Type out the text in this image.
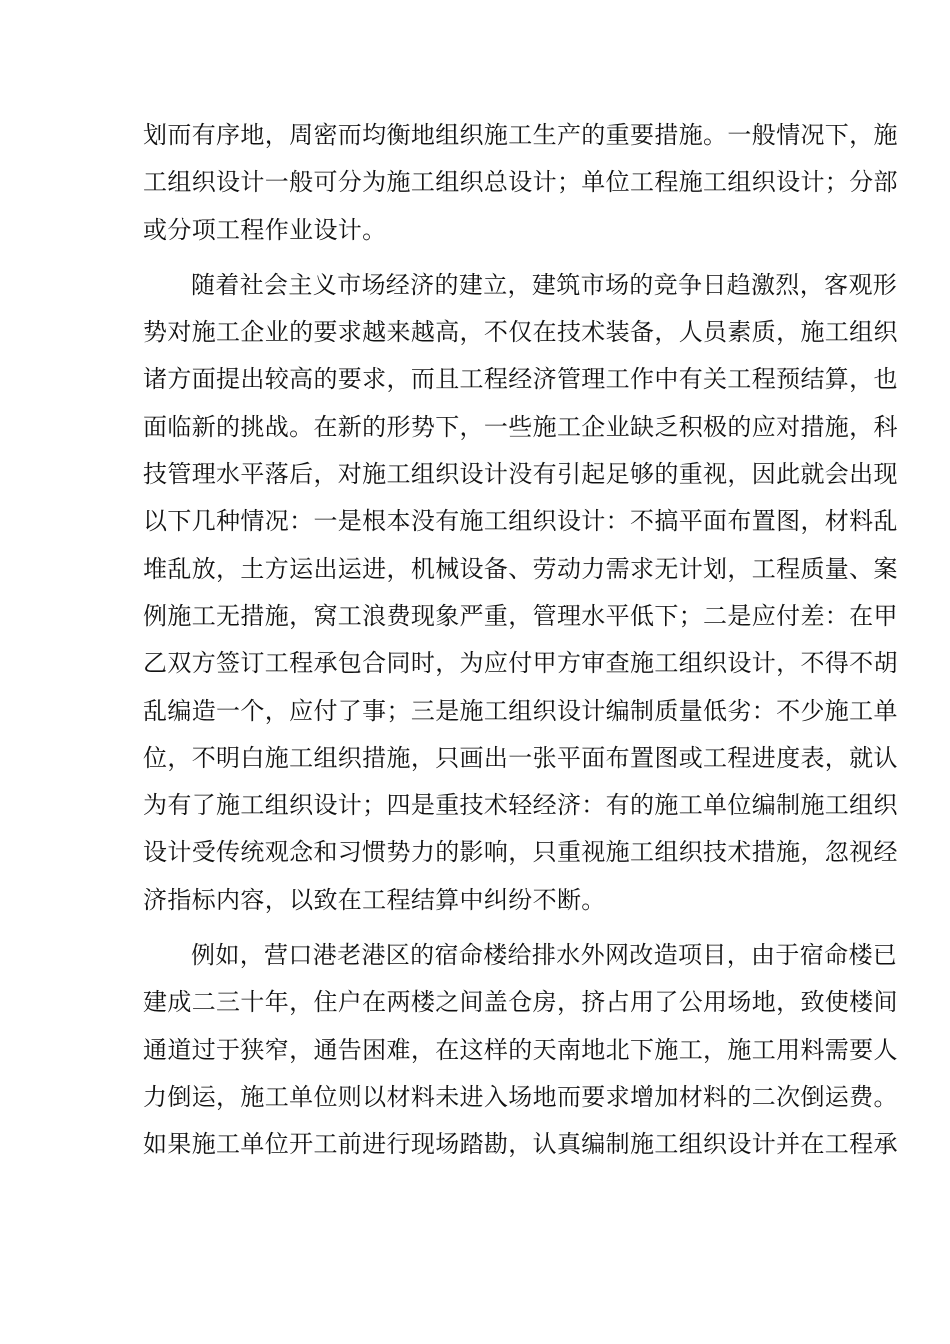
划而有序地，周密而均衡地组织施工生产的重要措施。一般情况下，施
工组织设计一般可分为施工组织总设计；单位工程施工组织设计；分部
或分项工程作业设计。
随着社会主义市场经济的建立，建筑市场的竞争日趋激烈，客观形
势对施工企业的要求越来越高，不仅在技术装备，人员素质，施工组织
诸方面提出较高的要求，而且工程经济管理工作中有关工程预结算，也
面临新的挑战。在新的形势下，一些施工企业缺乏积极的应对措施，科
技管理水平落后，对施工组织设计没有引起足够的重视，因此就会出现
以下几种情况：一是根本没有施工组织设计：不搞平面布置图，材料乱
堆乱放，土方运出运进，机械设备、劳动力需求无计划，工程质量、案
例施工无措施，窝工浪费现象严重，管理水平低下；二是应付差：在甲
乙双方签订工程承包合同时，为应付甲方审查施工组织设计，不得不胡
乱编造一个，应付了事；三是施工组织设计编制质量低劣：不少施工单
位，不明白施工组织措施，只画出一张平面布置图或工程进度表，就认
为有了施工组织设计；四是重技术轻经济：有的施工单位编制施工组织
设计受传统观念和习惯势力的影响，只重视施工组织技术措施，忽视经
济指标内容，以致在工程结算中纠纷不断。
例如，营口港老港区的宿命楼给排水外网改造项目，由于宿命楼已
建成二三十年，住户在两楼之间盖仓房，挤占用了公用场地，致使楼间
通道过于狭窄，通告困难，在这样的天南地北下施工，施工用料需要人
力倒运，施工单位则以材料未进入场地而要求增加材料的二次倒运费。
如果施工单位开工前进行现场踏勘，认真编制施工组织设计并在工程承
